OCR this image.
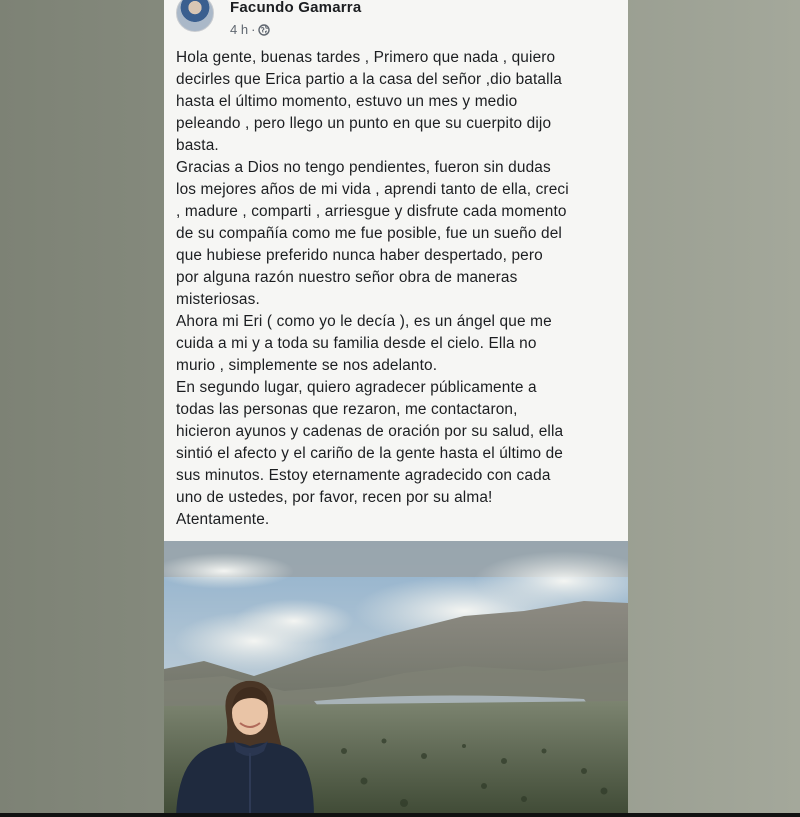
Facundo Gamarra
4 h ·

Hola gente, buenas tardes , Primero que nada , quiero
decirles que Erica partio a la casa del señor ,dio batalla
hasta el último momento, estuvo un mes y medio
peleando , pero llego un punto en que su cuerpito dijo
basta.

Gracias a Dios no tengo pendientes, fueron sin dudas
los mejores años de mi vida , aprendi tanto de ella, creci
, madure , comparti , arriesgue y disfrute cada momento
de su compañía como me fue posible, fue un sueño del
que hubiese preferido nunca haber despertado, pero
por alguna razón nuestro señor obra de maneras
misteriosas.

Ahora mi Eri ( como yo le decía ), es un ángel que me
cuida a mi y a toda su familia desde el cielo. Ella no
murio , simplemente se nos adelanto.

En segundo lugar, quiero agradecer públicamente a
todas las personas que rezaron, me contactaron,
hicieron ayunos y cadenas de oración por su salud, ella
sintió el afecto y el cariño de la gente hasta el último de
sus minutos. Estoy eternamente agradecido con cada
uno de ustedes, por favor, recen por su alma!

Atentamente.
